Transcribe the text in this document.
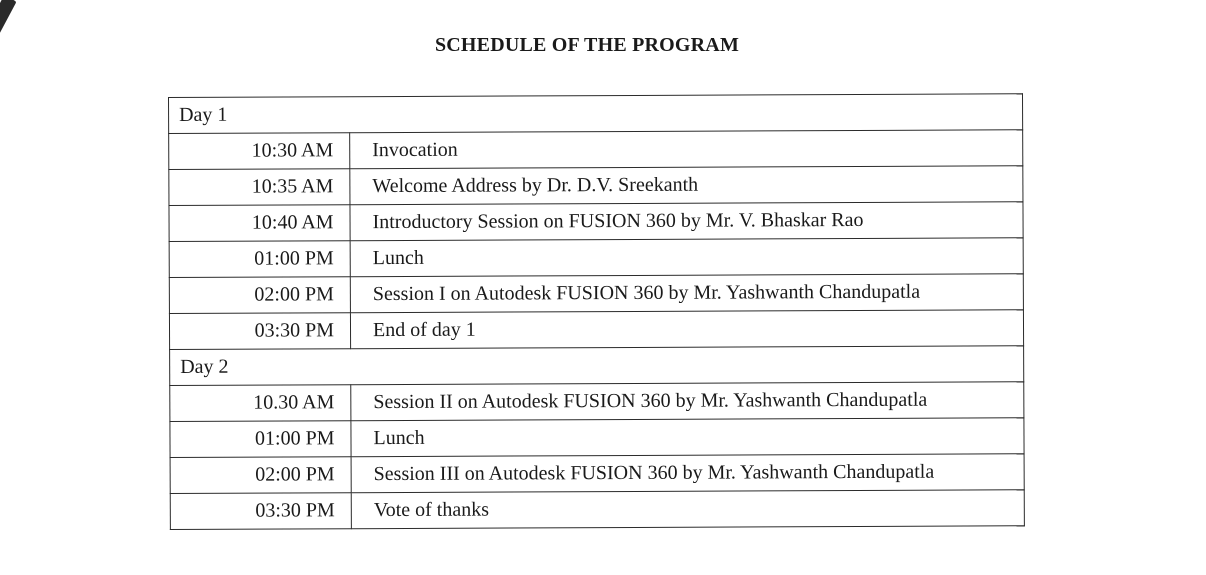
SCHEDULE OF THE PROGRAM
Day 1	
10:30 AM	Invocation
10:35 AM	Welcome Address by Dr. D.V. Sreekanth
10:40 AM	Introductory Session on FUSION 360 by Mr. V. Bhaskar Rao
01:00 PM	Lunch
02:00 PM	Session I on Autodesk FUSION 360 by Mr. Yashwanth Chandupatla
03:30 PM	End of day 1
Day 2	
10.30 AM	Session II on Autodesk FUSION 360 by Mr. Yashwanth Chandupatla
01:00 PM	Lunch
02:00 PM	Session III on Autodesk FUSION 360 by Mr. Yashwanth Chandupatla
03:30 PM	Vote of thanks
